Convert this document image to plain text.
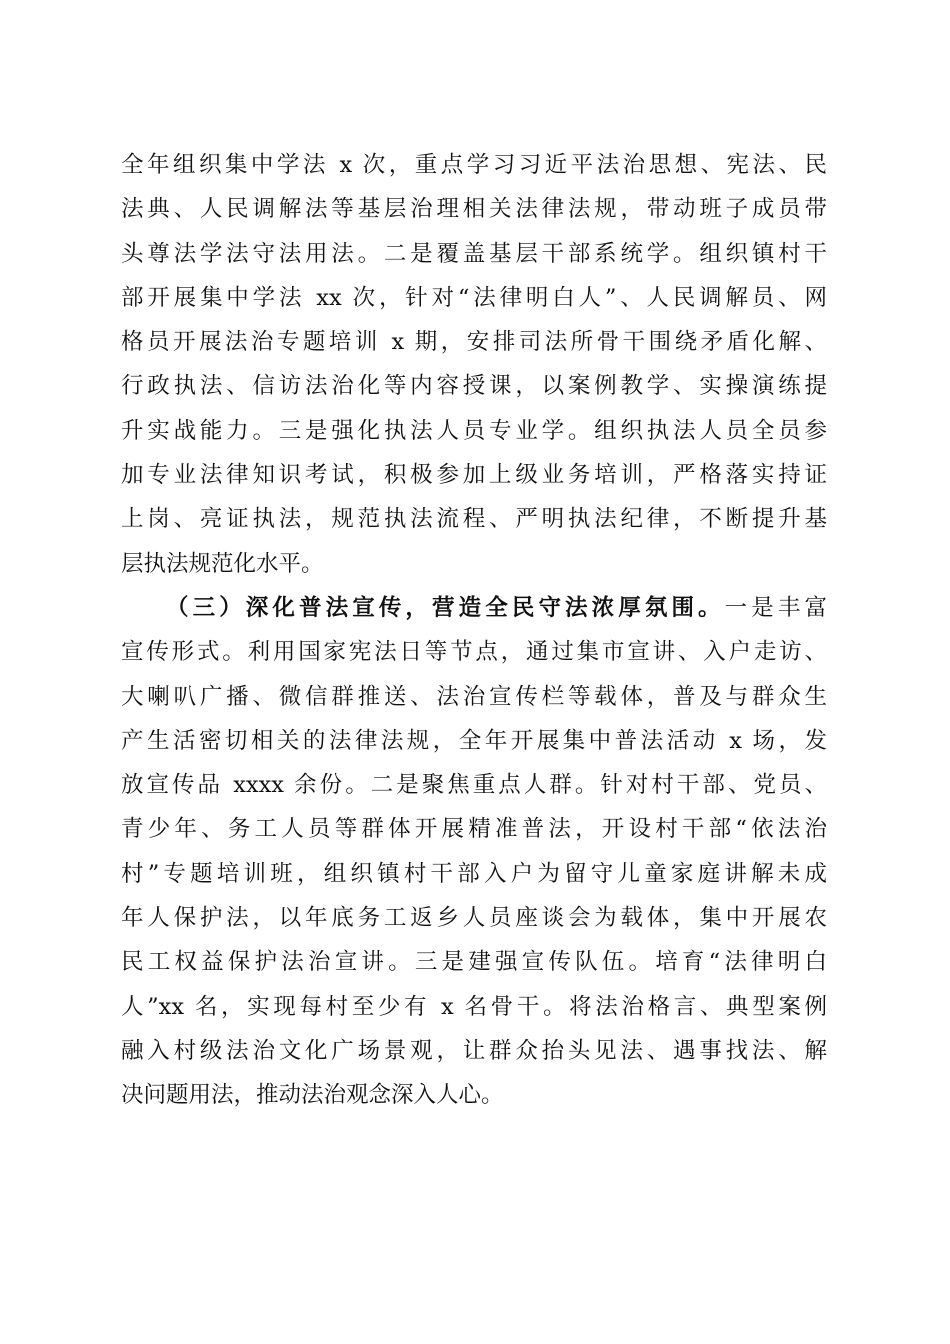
全年组织集中学法 x 次，重点学习习近平法治思想、宪法、民
法典、人民调解法等基层治理相关法律法规，带动班子成员带
头尊法学法守法用法。二是覆盖基层干部系统学。组织镇村干
部开展集中学法 xx 次，针对“法律明白人”、人民调解员、网
格员开展法治专题培训 x 期，安排司法所骨干围绕矛盾化解、
行政执法、信访法治化等内容授课，以案例教学、实操演练提
升实战能力。三是强化执法人员专业学。组织执法人员全员参
加专业法律知识考试，积极参加上级业务培训，严格落实持证
上岗、亮证执法，规范执法流程、严明执法纪律，不断提升基
层执法规范化水平。
（三）深化普法宣传，营造全民守法浓厚氛围。一是丰富
宣传形式。利用国家宪法日等节点，通过集市宣讲、入户走访、
大喇叭广播、微信群推送、法治宣传栏等载体，普及与群众生
产生活密切相关的法律法规，全年开展集中普法活动 x 场，发
放宣传品 xxxx 余份。二是聚焦重点人群。针对村干部、党员、
青少年、务工人员等群体开展精准普法，开设村干部“依法治
村”专题培训班，组织镇村干部入户为留守儿童家庭讲解未成
年人保护法，以年底务工返乡人员座谈会为载体，集中开展农
民工权益保护法治宣讲。三是建强宣传队伍。培育“法律明白
人”xx 名，实现每村至少有 x 名骨干。将法治格言、典型案例
融入村级法治文化广场景观，让群众抬头见法、遇事找法、解
决问题用法，推动法治观念深入人心。
